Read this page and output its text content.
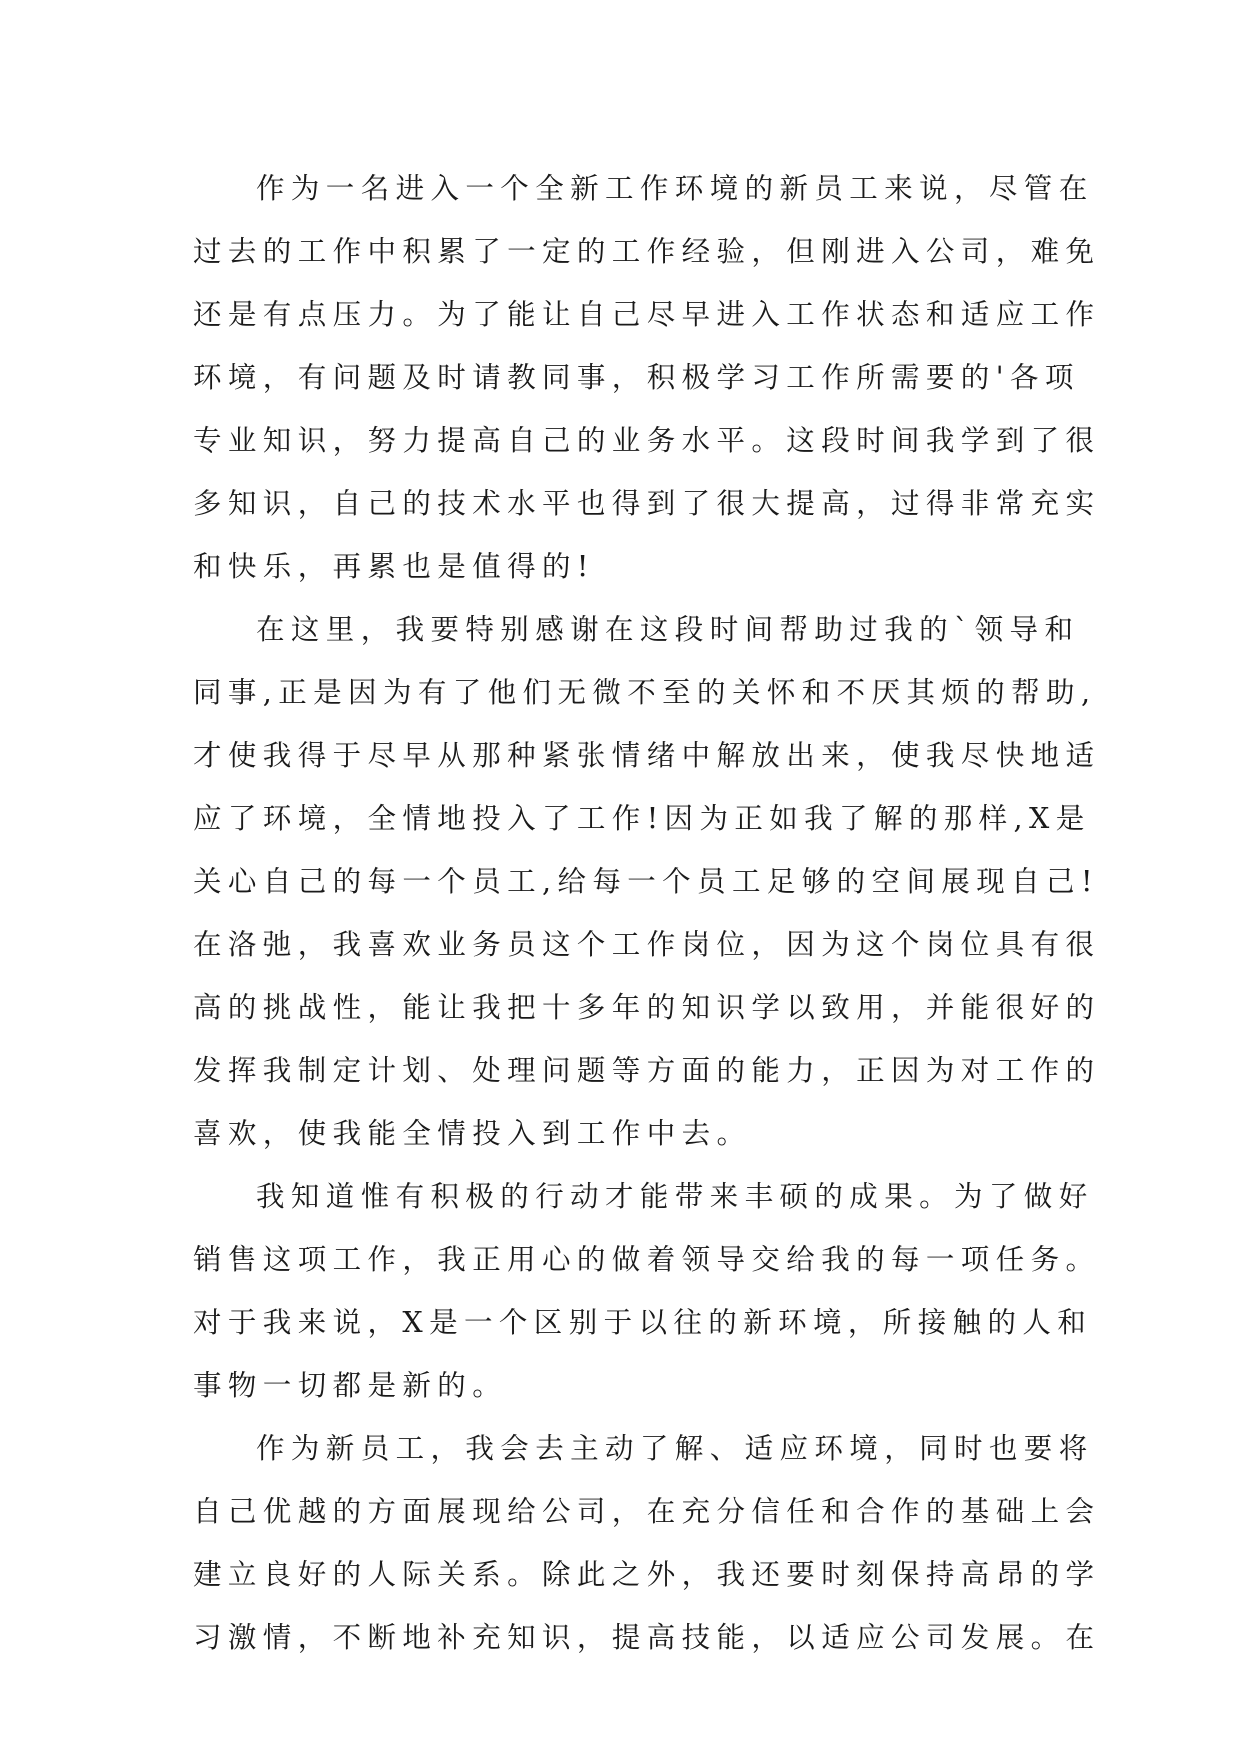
作为一名进入一个全新工作环境的新员工来说，尽管在
过去的工作中积累了一定的工作经验，但刚进入公司，难免
还是有点压力。为了能让自己尽早进入工作状态和适应工作
环境，有问题及时请教同事，积极学习工作所需要的'各项
专业知识，努力提高自己的业务水平。这段时间我学到了很
多知识，自己的技术水平也得到了很大提高，过得非常充实
和快乐，再累也是值得的!
在这里，我要特别感谢在这段时间帮助过我的`领导和
同事,正是因为有了他们无微不至的关怀和不厌其烦的帮助,
才使我得于尽早从那种紧张情绪中解放出来，使我尽快地适
应了环境，全情地投入了工作!因为正如我了解的那样,X是
关心自己的每一个员工,给每一个员工足够的空间展现自己!
在洛弛，我喜欢业务员这个工作岗位，因为这个岗位具有很
高的挑战性，能让我把十多年的知识学以致用，并能很好的
发挥我制定计划、处理问题等方面的能力，正因为对工作的
喜欢，使我能全情投入到工作中去。
我知道惟有积极的行动才能带来丰硕的成果。为了做好
销售这项工作，我正用心的做着领导交给我的每一项任务。
对于我来说，X是一个区别于以往的新环境，所接触的人和
事物一切都是新的。
作为新员工，我会去主动了解、适应环境，同时也要将
自己优越的方面展现给公司，在充分信任和合作的基础上会
建立良好的人际关系。除此之外，我还要时刻保持高昂的学
习激情，不断地补充知识，提高技能，以适应公司发展。在
